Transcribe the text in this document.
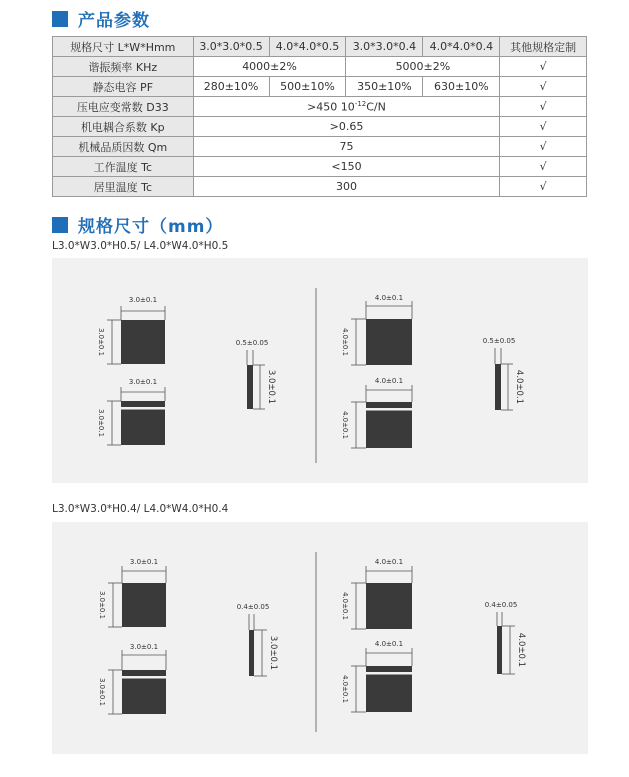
产品参数
规格尺寸 L*W*Hmm	3.0*3.0*0.5	4.0*4.0*0.5	3.0*3.0*0.4	4.0*4.0*0.4	其他规格定制
谐振频率 KHz	4000±2%		5000±2%		√
静态电容 PF	280±10%	500±10%	350±10%	630±10%	√
压电应变常数 D33	>450 $10^{-12}C/N$				√
机电耦合系数 Kp	>0.65				√
机械品质因数 Qm	75				√
工作温度 Tc	<150				√
居里温度 Tc	300				√
规格尺寸（mm）
L3.0*W3.0*H0.5/ L4.0*W4.0*H0.5
3.0±0.1
3.0±0.1
3.0±0.1
3.0±0.1
0.5±0.05
3.0±0.1
4.0±0.1
4.0±0.1
4.0±0.1
4.0±0.1
0.5±0.05
4.0±0.1
L3.0*W3.0*H0.4/ L4.0*W4.0*H0.4
3.0±0.1
3.0±0.1
3.0±0.1
3.0±0.1
0.4±0.05
3.0±0.1
4.0±0.1
4.0±0.1
4.0±0.1
4.0±0.1
0.4±0.05
4.0±0.1
